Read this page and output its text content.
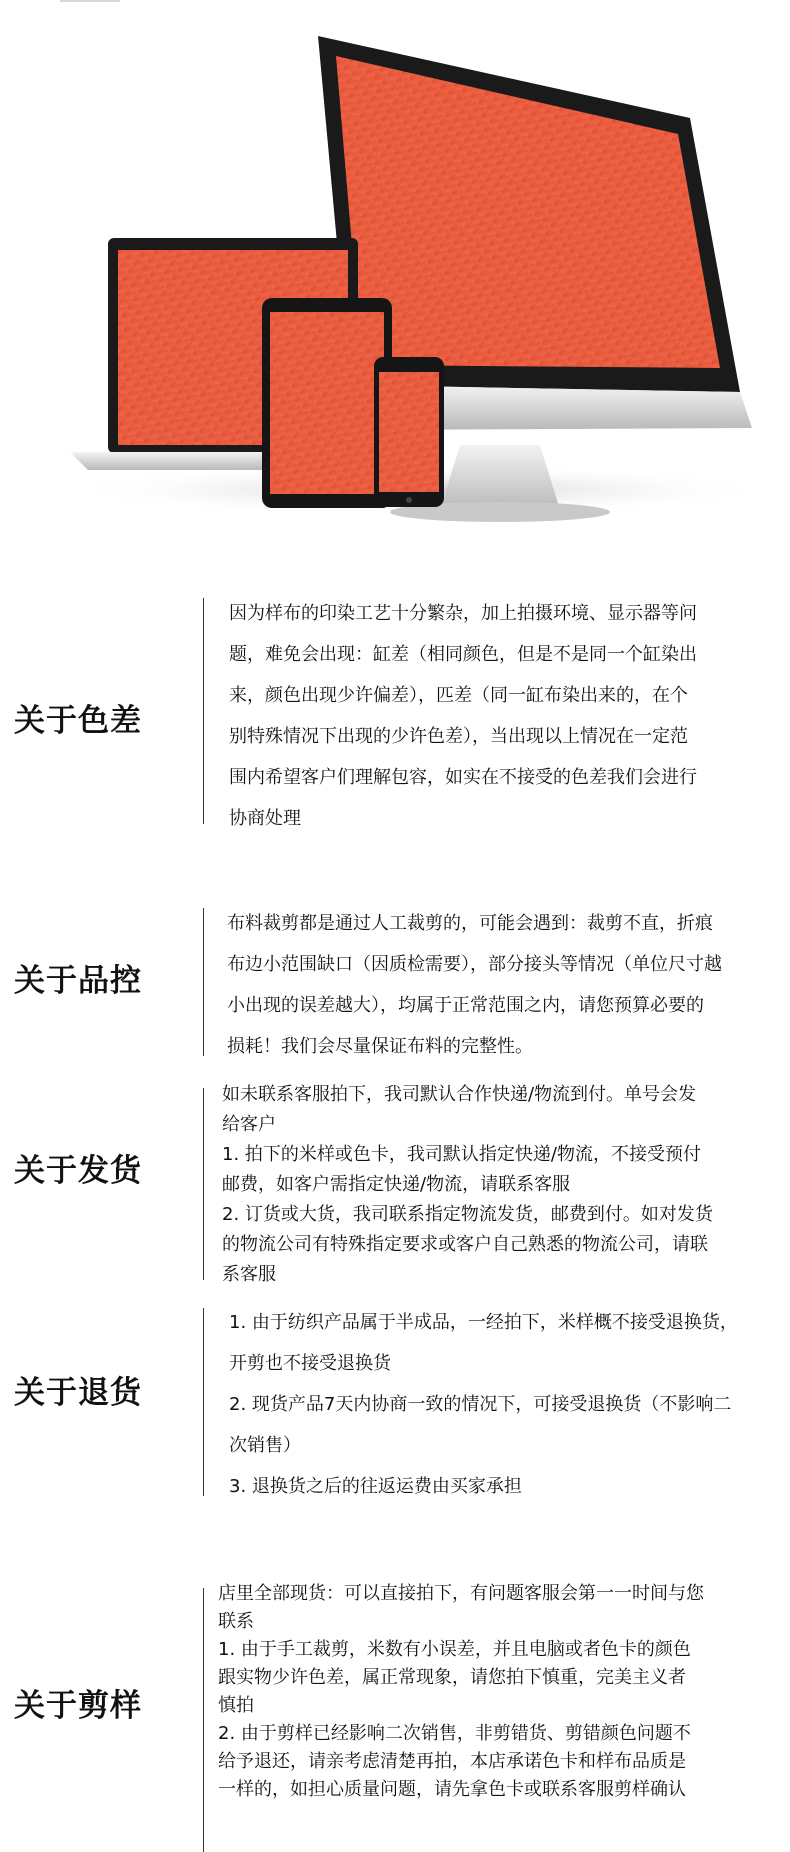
关于色差

因为样布的印染工艺十分繁杂，加上拍摄环境、显示器等问

题，难免会出现：缸差（相同颜色，但是不是同一个缸染出

来，颜色出现少许偏差），匹差（同一缸布染出来的，在个

别特殊情况下出现的少许色差），当出现以上情况在一定范

围内希望客户们理解包容，如实在不接受的色差我们会进行

协商处理

关于品控

布料裁剪都是通过人工裁剪的，可能会遇到：裁剪不直，折痕

布边小范围缺口（因质检需要），部分接头等情况（单位尺寸越

小出现的误差越大），均属于正常范围之内，请您预算必要的

损耗！我们会尽量保证布料的完整性。

关于发货

如未联系客服拍下，我司默认合作快递/物流到付。单号会发

给客户

1. 拍下的米样或色卡，我司默认指定快递/物流，不接受预付

邮费，如客户需指定快递/物流，请联系客服

2. 订货或大货，我司联系指定物流发货，邮费到付。如对发货

的物流公司有特殊指定要求或客户自己熟悉的物流公司，请联

系客服

关于退货

1. 由于纺织产品属于半成品，一经拍下，米样概不接受退换货，

开剪也不接受退换货

2. 现货产品7天内协商一致的情况下，可接受退换货（不影响二

次销售）

3. 退换货之后的往返运费由买家承担

关于剪样

店里全部现货：可以直接拍下，有问题客服会第一一时间与您

联系

1. 由于手工裁剪，米数有小误差，并且电脑或者色卡的颜色

跟实物少许色差，属正常现象，请您拍下慎重，完美主义者

慎拍

2. 由于剪样已经影响二次销售，非剪错货、剪错颜色问题不

给予退还，请亲考虑清楚再拍，本店承诺色卡和样布品质是

一样的，如担心质量问题，请先拿色卡或联系客服剪样确认
